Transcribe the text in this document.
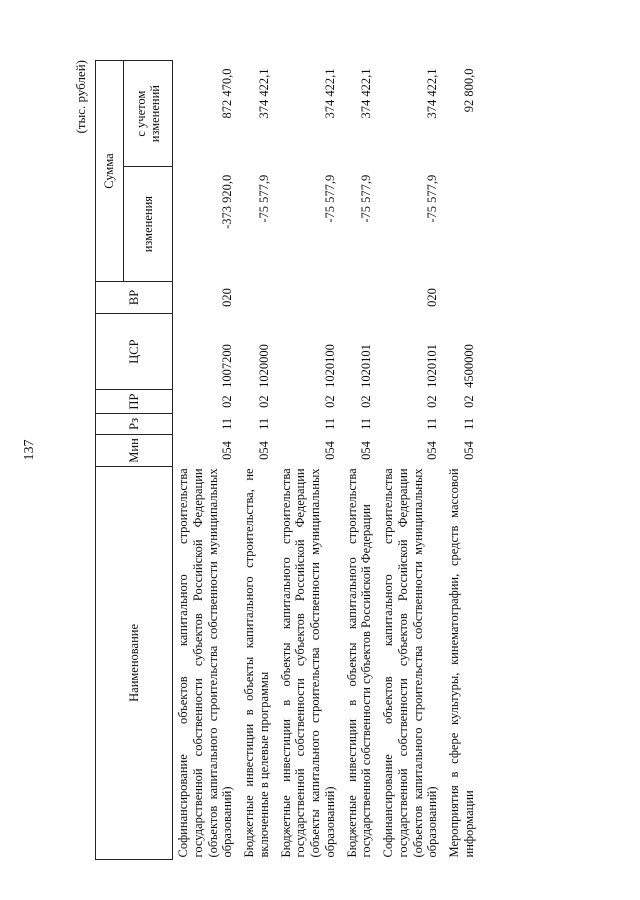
137
(тыс. рублей)
Наименование	Мин	Рз	ПР	ЦСР	ВР	Сумма	
						изменения	с учетом изменений
Софинансирование объектов капитального строительства государственной собственности субъектов Российской Федерации (объектов капитального строительства собственности муниципальных образований)	054	11	02	1007200	020	-373 920,0	872 470,0
Бюджетные инвестиции в объекты капитального строительства, не включенные в целевые программы	054	11	02	1020000		-75 577,9	374 422,1
Бюджетные инвестиции в объекты капитального строительства государственной собственности субъектов Российской Федерации (объекты капитального строительства собственности муниципальных образований)	054	11	02	1020100		-75 577,9	374 422,1
Бюджетные инвестиции в объекты капитального строительства государственной собственности субъектов Российской Федерации	054	11	02	1020101		-75 577,9	374 422,1
Софинансирование объектов капитального строительства государственной собственности субъектов Российской Федерации (объектов капитального строительства собственности муниципальных образований)	054	11	02	1020101	020	-75 577,9	374 422,1
Мероприятия в сфере культуры, кинематографии, средств массовой информации	054	11	02	4500000			92 800,0
